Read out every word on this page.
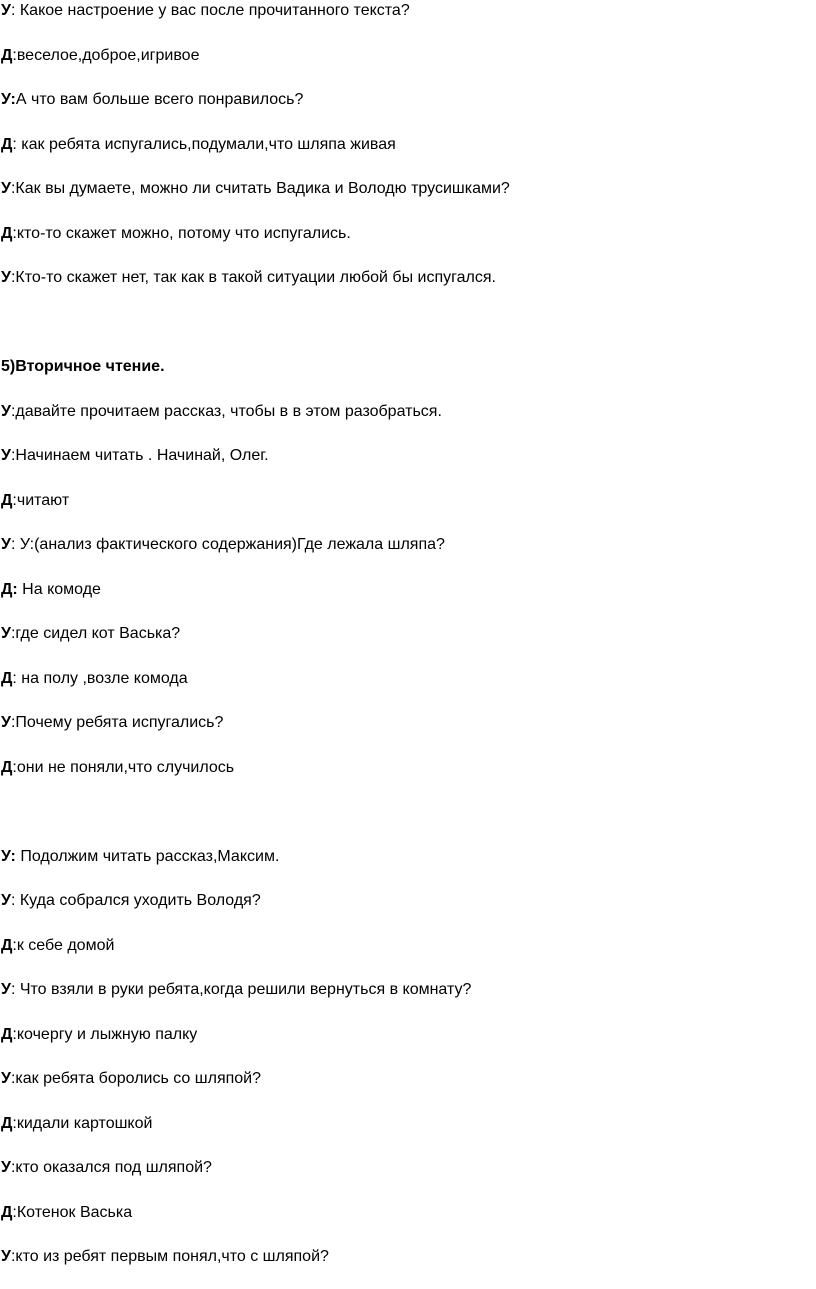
У: Какое настроение у вас после прочитанного текста?
Д:веселое,доброе,игривое
У:А что вам больше всего понравилось?
Д: как ребята испугались,подумали,что шляпа живая
У:Как вы думаете, можно ли считать Вадика и Володю трусишками?
Д:кто-то скажет можно, потому что испугались.
У:Кто-то скажет нет, так как в такой ситуации любой бы испугался.
5)Вторичное чтение.
У:давайте прочитаем рассказ, чтобы в в этом разобраться.
У:Начинаем читать . Начинай, Олег.
Д:читают
У: У:(анализ фактического содержания)Где лежала шляпа?
Д: На комоде
У:где сидел кот Васька?
Д: на полу ,возле комода
У:Почему ребята испугались?
Д:они не поняли,что случилось
У: Подолжим читать рассказ,Максим.
У: Куда собрался уходить Володя?
Д:к себе домой
У: Что взяли в руки ребята,когда решили вернуться в комнату?
Д:кочергу и лыжную палку
У:как ребята боролись со шляпой?
Д:кидали картошкой
У:кто оказался под шляпой?
Д:Котенок Васька
У:кто из ребят первым понял,что с шляпой?
